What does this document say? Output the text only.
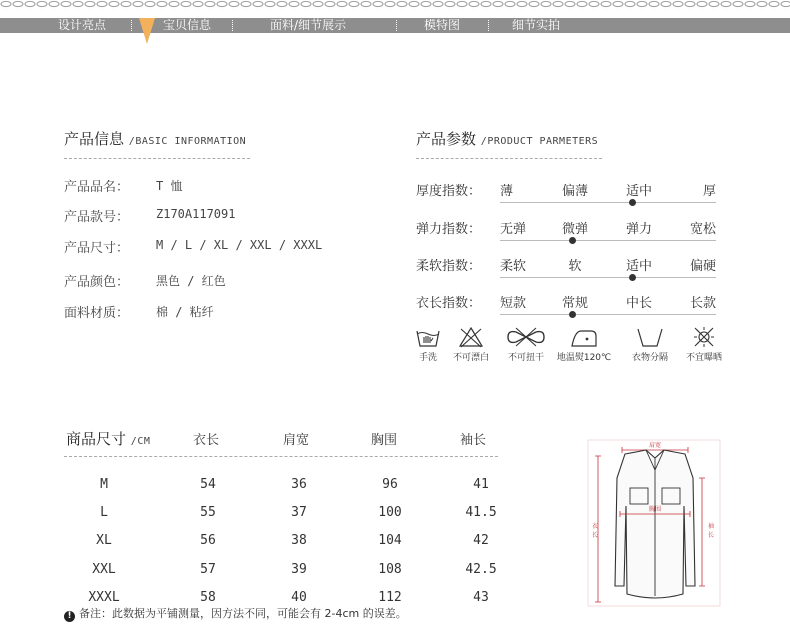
设计亮点	宝贝信息	面料/细节展示	模特图	细节实拍
产品信息 /BASIC INFORMATION
产品品名： T 恤
产品款号： Z170A117091
产品尺寸： M / L / XL / XXL / XXXL
产品颜色： 黑色 / 红色
面料材质： 棉 / 粘纤
产品参数 /PRODUCT PARMETERS
厚度指数： 薄	偏薄	适中	厚
弹力指数： 无弹	微弹	弹力	宽松
柔软指数： 柔软	软	适中	偏硬
衣长指数： 短款	常规	中长	长款
手洗	不可漂白	不可扭干	地温熨120℃	衣物分隔	不宜曝晒
商品尺寸 /CM	衣长	肩宽	胸围	袖长
M	54	36	96	41
L	55	37	100	41.5
XL	56	38	104	42
XXL	57	39	108	42.5
XXXL	58	40	112	43
肩宽
胸围
衣
长
袖
长
! 备注：此数据为平铺测量，因方法不同，可能会有 2-4cm 的误差。
